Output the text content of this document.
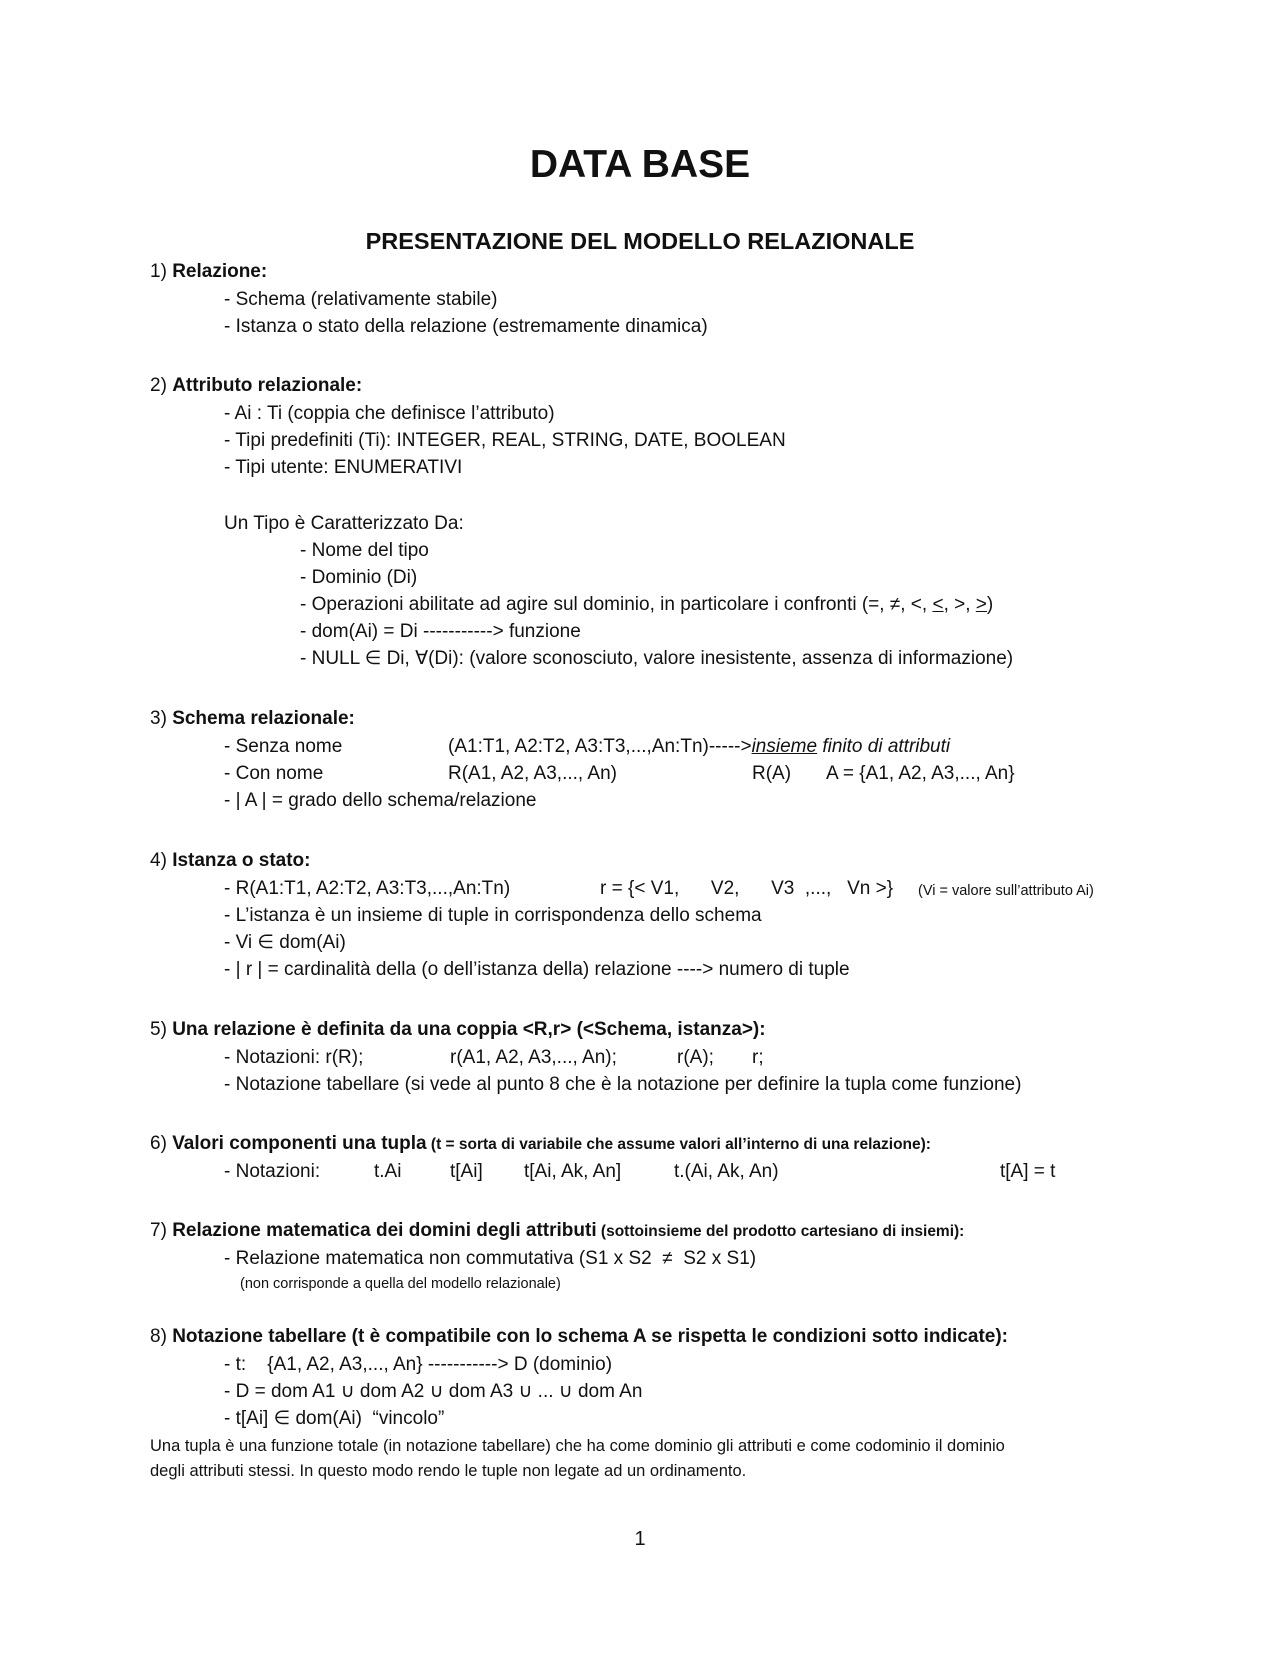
DATA BASE
PRESENTAZIONE DEL MODELLO RELAZIONALE
1) Relazione:
- Schema (relativamente stabile)
- Istanza o stato della relazione (estremamente dinamica)
2) Attributo relazionale:
- Ai : Ti (coppia che definisce l’attributo)
- Tipi predefiniti (Ti): INTEGER, REAL, STRING, DATE, BOOLEAN
- Tipi utente: ENUMERATIVI
Un Tipo è Caratterizzato Da:
- Nome del tipo
- Dominio (Di)
- Operazioni abilitate ad agire sul dominio, in particolare i confronti (=, ≠, <, <, >, >)
- dom(Ai) = Di -----------> funzione
- NULL ∈ Di, ∀(Di): (valore sconosciuto, valore inesistente, assenza di informazione)
3) Schema relazionale:
- Senza nome	(A1:T1, A2:T2, A3:T3,...,An:Tn)----->insieme finito di attributi
- Con nome	R(A1, A2, A3,..., An)	R(A) A = {A1, A2, A3,..., An}
- | A | = grado dello schema/relazione
4) Istanza o stato:
- R(A1:T1, A2:T2, A3:T3,...,An:Tn)	r = {< V1,      V2,      V3  ,...,   Vn >} (Vi = valore sull’attributo Ai)
- L’istanza è un insieme di tuple in corrispondenza dello schema
- Vi ∈ dom(Ai)
- | r | = cardinalità della (o dell’istanza della) relazione ----> numero di tuple
5) Una relazione è definita da una coppia <R,r> (<Schema, istanza>):
- Notazioni: r(R);	r(A1, A2, A3,..., An);	r(A); r;
- Notazione tabellare (si vede al punto 8 che è la notazione per definire la tupla come funzione)
6) Valori componenti una tupla (t = sorta di variabile che assume valori all’interno di una relazione):
- Notazioni:	t.Ai	t[Ai] t[Ai, Ak, An]	t.(Ai, Ak, An)	t[A] = t
7) Relazione matematica dei domini degli attributi (sottoinsieme del prodotto cartesiano di insiemi):
- Relazione matematica non commutativa (S1 x S2  ≠  S2 x S1)
(non corrisponde a quella del modello relazionale)
8) Notazione tabellare (t è compatibile con lo schema A se rispetta le condizioni sotto indicate):
- t:    {A1, A2, A3,..., An} -----------> D (dominio)
- D = dom A1 ∪ dom A2 ∪ dom A3 ∪ ... ∪ dom An
- t[Ai] ∈ dom(Ai)  “vincolo”
Una tupla è una funzione totale (in notazione tabellare) che ha come dominio gli attributi e come codominio il dominio
degli attributi stessi. In questo modo rendo le tuple non legate ad un ordinamento.
1
